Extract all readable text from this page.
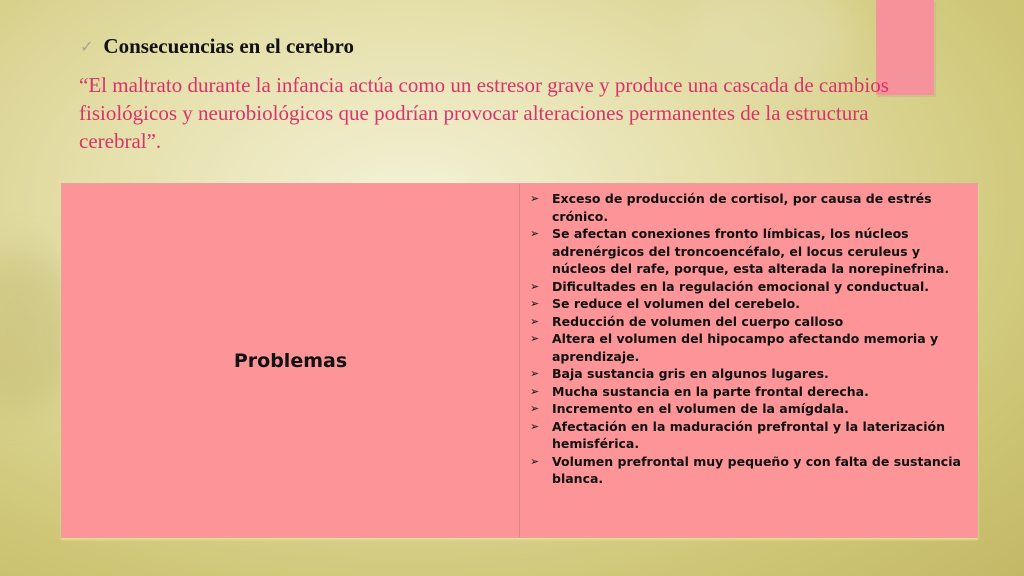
✓ Consecuencias en el cerebro
“El maltrato durante la infancia actúa como un estresor grave y produce una cascada de cambios fisiológicos y neurobiológicos que podrían provocar alteraciones permanentes de la estructura cerebral”.
Problemas
➢	Exceso de producción de cortisol, por causa de estrés crónico.
➢	Se afectan conexiones fronto límbicas, los núcleos adrenérgicos del troncoencéfalo, el locus ceruleus y núcleos del rafe, porque, esta alterada la norepinefrina.
➢	Dificultades en la regulación emocional y conductual.
➢	Se reduce el volumen del cerebelo.
➢	Reducción de volumen del cuerpo calloso
➢	Altera el volumen del hipocampo afectando memoria y aprendizaje.
➢	Baja sustancia gris en algunos lugares.
➢	Mucha sustancia en la parte frontal derecha.
➢	Incremento en el volumen de la amígdala.
➢	Afectación en la maduración prefrontal y la laterización hemisférica.
➢	Volumen prefrontal muy pequeño y con falta de sustancia blanca.
